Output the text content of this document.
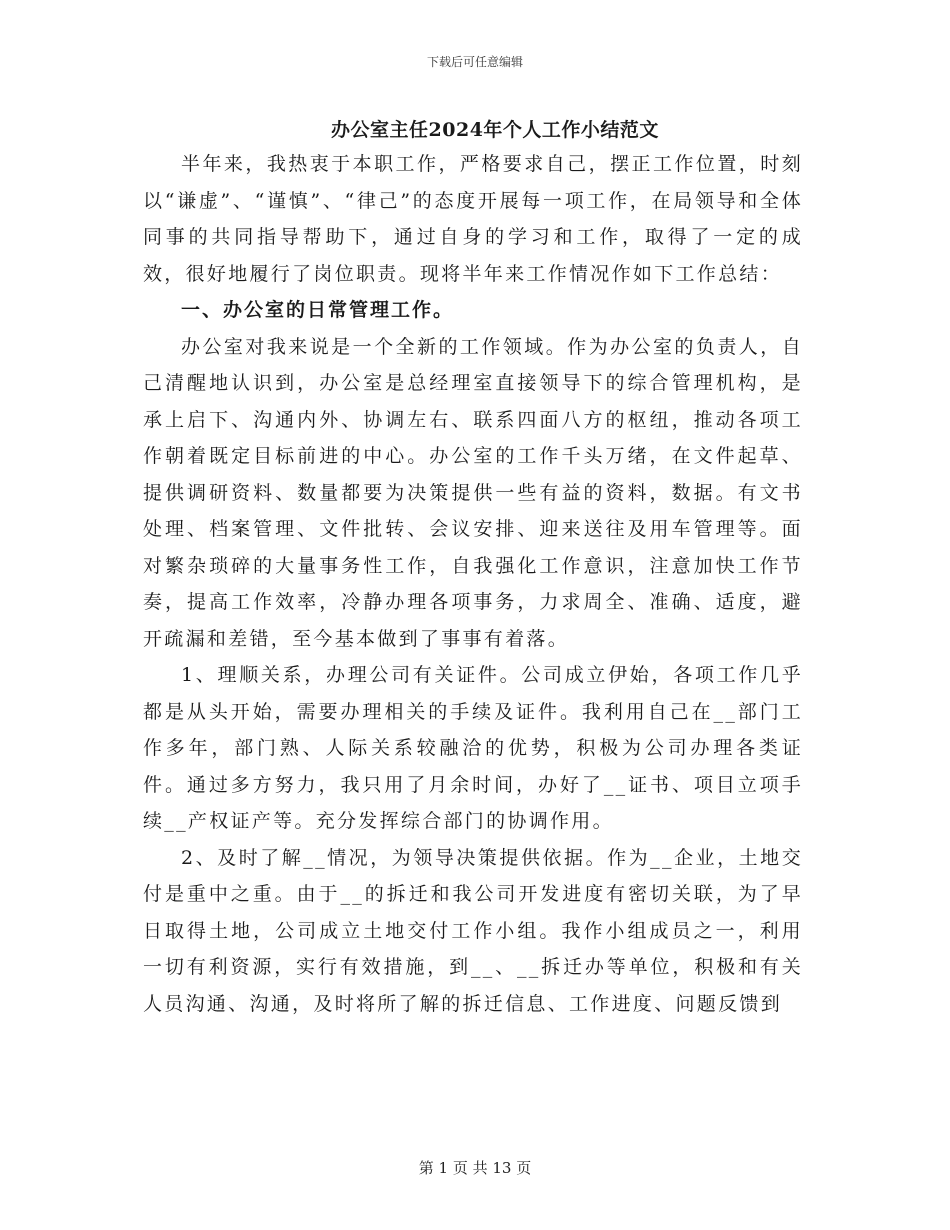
下载后可任意编辑
办公室主任2024年个人工作小结范文

半年来，我热衷于本职工作，严格要求自己，摆正工作位置，时刻以“谦虚”、“谨慎”、“律己”的态度开展每一项工作，在局领导和全体同事的共同指导帮助下，通过自身的学习和工作，取得了一定的成效，很好地履行了岗位职责。现将半年来工作情况作如下工作总结：

一、办公室的日常管理工作。

办公室对我来说是一个全新的工作领域。作为办公室的负责人，自己清醒地认识到，办公室是总经理室直接领导下的综合管理机构，是承上启下、沟通内外、协调左右、联系四面八方的枢纽，推动各项工作朝着既定目标前进的中心。办公室的工作千头万绪，在文件起草、提供调研资料、数量都要为决策提供一些有益的资料，数据。有文书处理、档案管理、文件批转、会议安排、迎来送往及用车管理等。面对繁杂琐碎的大量事务性工作，自我强化工作意识，注意加快工作节奏，提高工作效率，冷静办理各项事务，力求周全、准确、适度，避开疏漏和差错，至今基本做到了事事有着落。

1、理顺关系，办理公司有关证件。公司成立伊始，各项工作几乎都是从头开始，需要办理相关的手续及证件。我利用自己在__部门工作多年，部门熟、人际关系较融洽的优势，积极为公司办理各类证件。通过多方努力，我只用了月余时间，办好了__证书、项目立项手续__产权证产等。充分发挥综合部门的协调作用。

2、及时了解__情况，为领导决策提供依据。作为__企业，土地交付是重中之重。由于__的拆迁和我公司开发进度有密切关联，为了早日取得土地，公司成立土地交付工作小组。我作小组成员之一，利用一切有利资源，实行有效措施，到__、__拆迁办等单位，积极和有关人员沟通、沟通，及时将所了解的拆迁信息、工作进度、问题反馈到

第 1 页 共 13 页
